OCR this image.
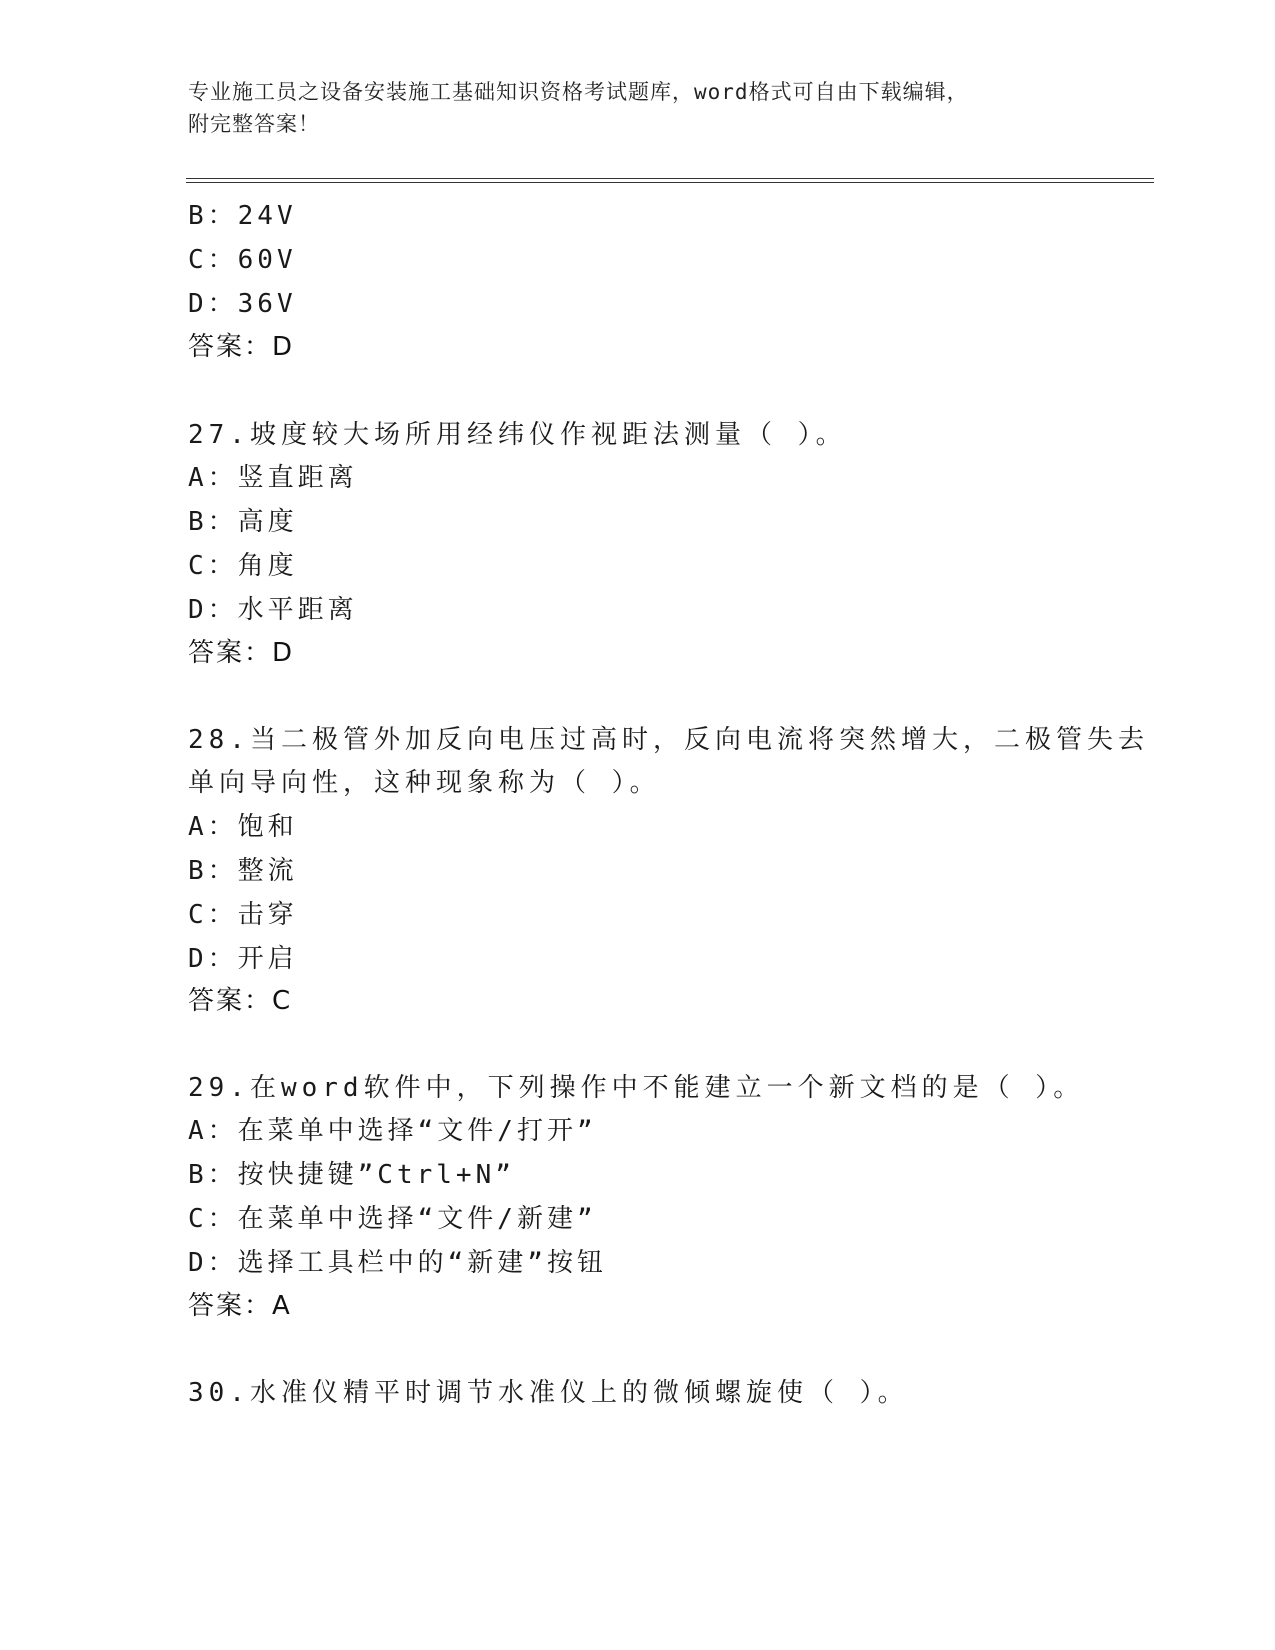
专业施工员之设备安装施工基础知识资格考试题库，word格式可自由下载编辑，
附完整答案！
B：24V
C：60V
D：36V
答案：D
27.坡度较大场所用经纬仪作视距法测量（ ）。
A：竖直距离
B：高度
C：角度
D：水平距离
答案：D
28.当二极管外加反向电压过高时，反向电流将突然增大，二极管失去
单向导向性，这种现象称为（ ）。
A：饱和
B：整流
C：击穿
D：开启
答案：C
29.在word软件中，下列操作中不能建立一个新文档的是（ ）。
A：在菜单中选择“文件/打开”
B：按快捷键”Ctrl+N”
C：在菜单中选择“文件/新建”
D：选择工具栏中的“新建”按钮
答案：A
30.水准仪精平时调节水准仪上的微倾螺旋使（ ）。
